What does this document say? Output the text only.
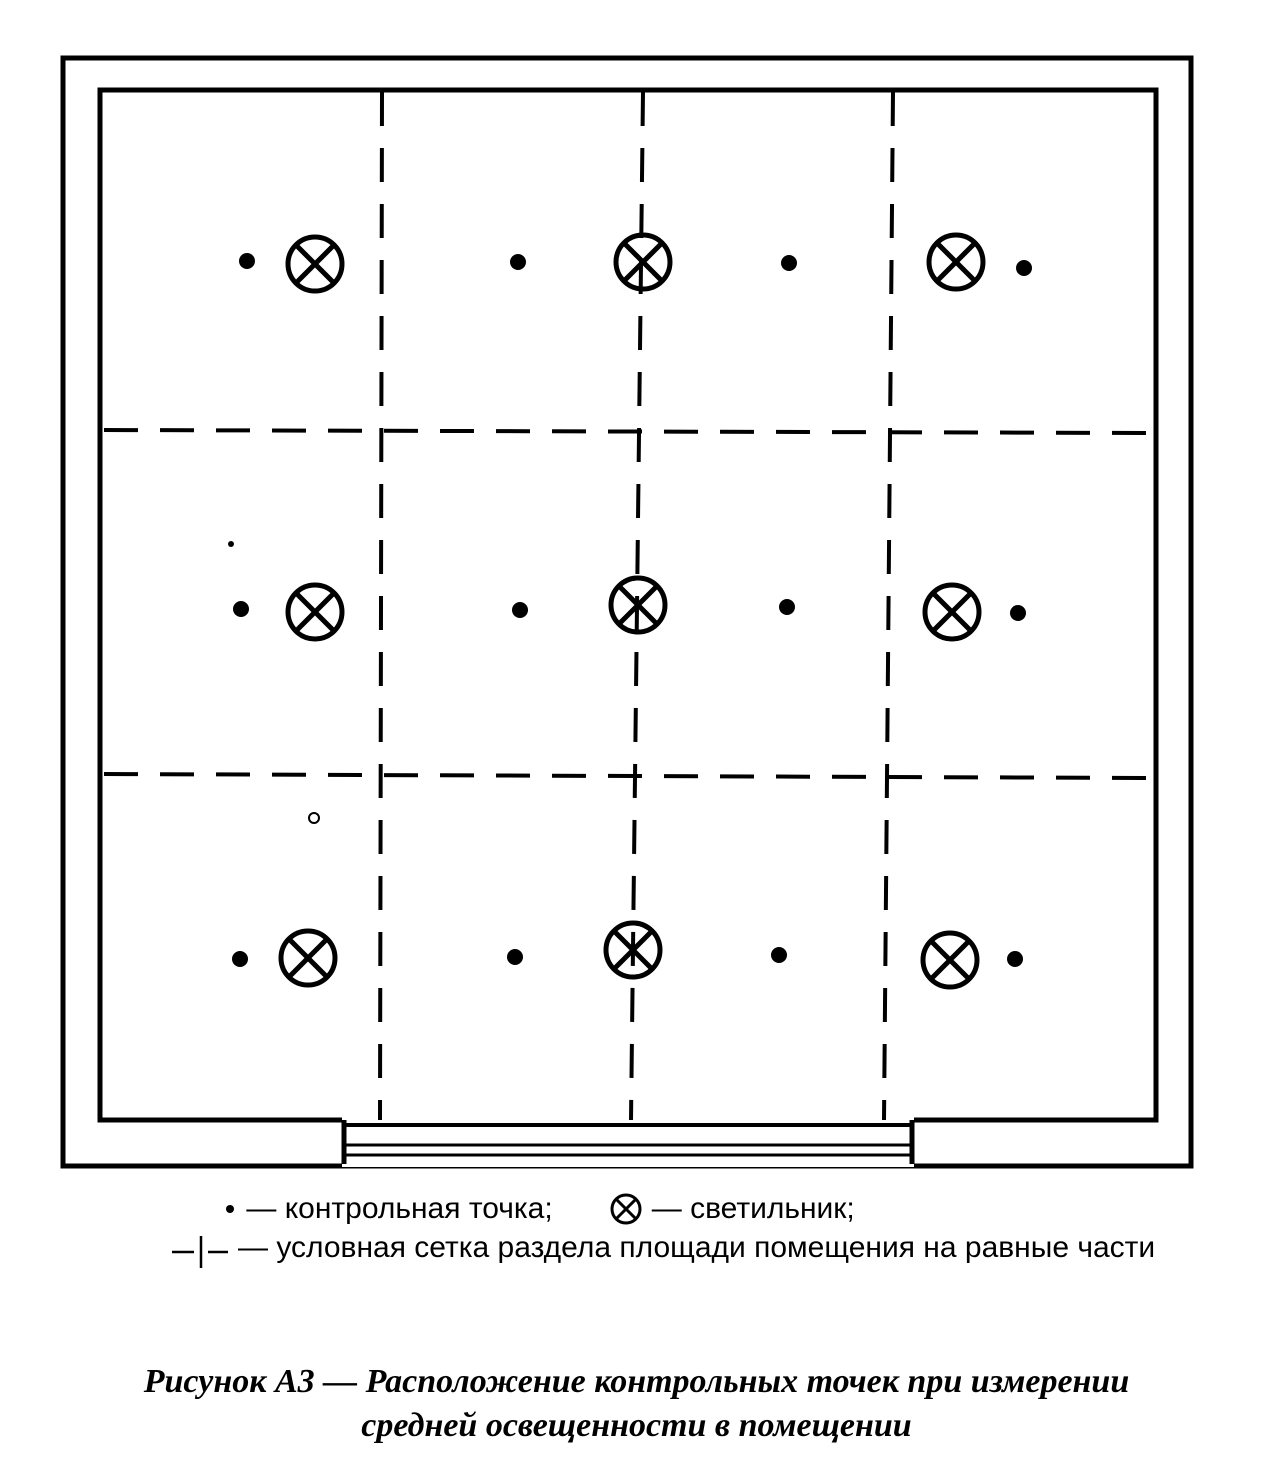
— контрольная точка;	— светильник;
— условная сетка раздела площади помещения на равные части
Рисунок А3 — Расположение контрольных точек при измерении
средней освещенности в помещении
